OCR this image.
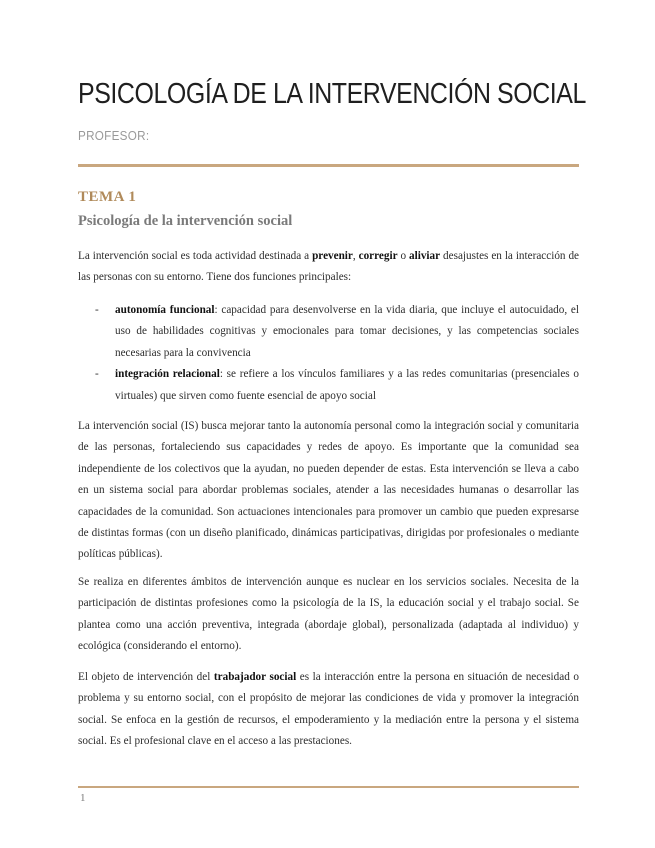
PSICOLOGÍA DE LA INTERVENCIÓN SOCIAL
PROFESOR:
TEMA 1
Psicología de la intervención social

La intervención social es toda actividad destinada a prevenir, corregir o aliviar desajustes en la interacción de las personas con su entorno. Tiene dos funciones principales:

- autonomía funcional: capacidad para desenvolverse en la vida diaria, que incluye el autocuidado, el uso de habilidades cognitivas y emocionales para tomar decisiones, y las competencias sociales necesarias para la convivencia
- integración relacional: se refiere a los vínculos familiares y a las redes comunitarias (presenciales o virtuales) que sirven como fuente esencial de apoyo social

La intervención social (IS) busca mejorar tanto la autonomía personal como la integración social y comunitaria de las personas, fortaleciendo sus capacidades y redes de apoyo. Es importante que la comunidad sea independiente de los colectivos que la ayudan, no pueden depender de estas. Esta intervención se lleva a cabo en un sistema social para abordar problemas sociales, atender a las necesidades humanas o desarrollar las capacidades de la comunidad. Son actuaciones intencionales para promover un cambio que pueden expresarse de distintas formas (con un diseño planificado, dinámicas participativas, dirigidas por profesionales o mediante políticas públicas).

Se realiza en diferentes ámbitos de intervención aunque es nuclear en los servicios sociales. Necesita de la participación de distintas profesiones como la psicología de la IS, la educación social y el trabajo social. Se plantea como una acción preventiva, integrada (abordaje global), personalizada (adaptada al individuo) y ecológica (considerando el entorno).

El objeto de intervención del trabajador social es la interacción entre la persona en situación de necesidad o problema y su entorno social, con el propósito de mejorar las condiciones de vida y promover la integración social. Se enfoca en la gestión de recursos, el empoderamiento y la mediación entre la persona y el sistema social. Es el profesional clave en el acceso a las prestaciones.

1
